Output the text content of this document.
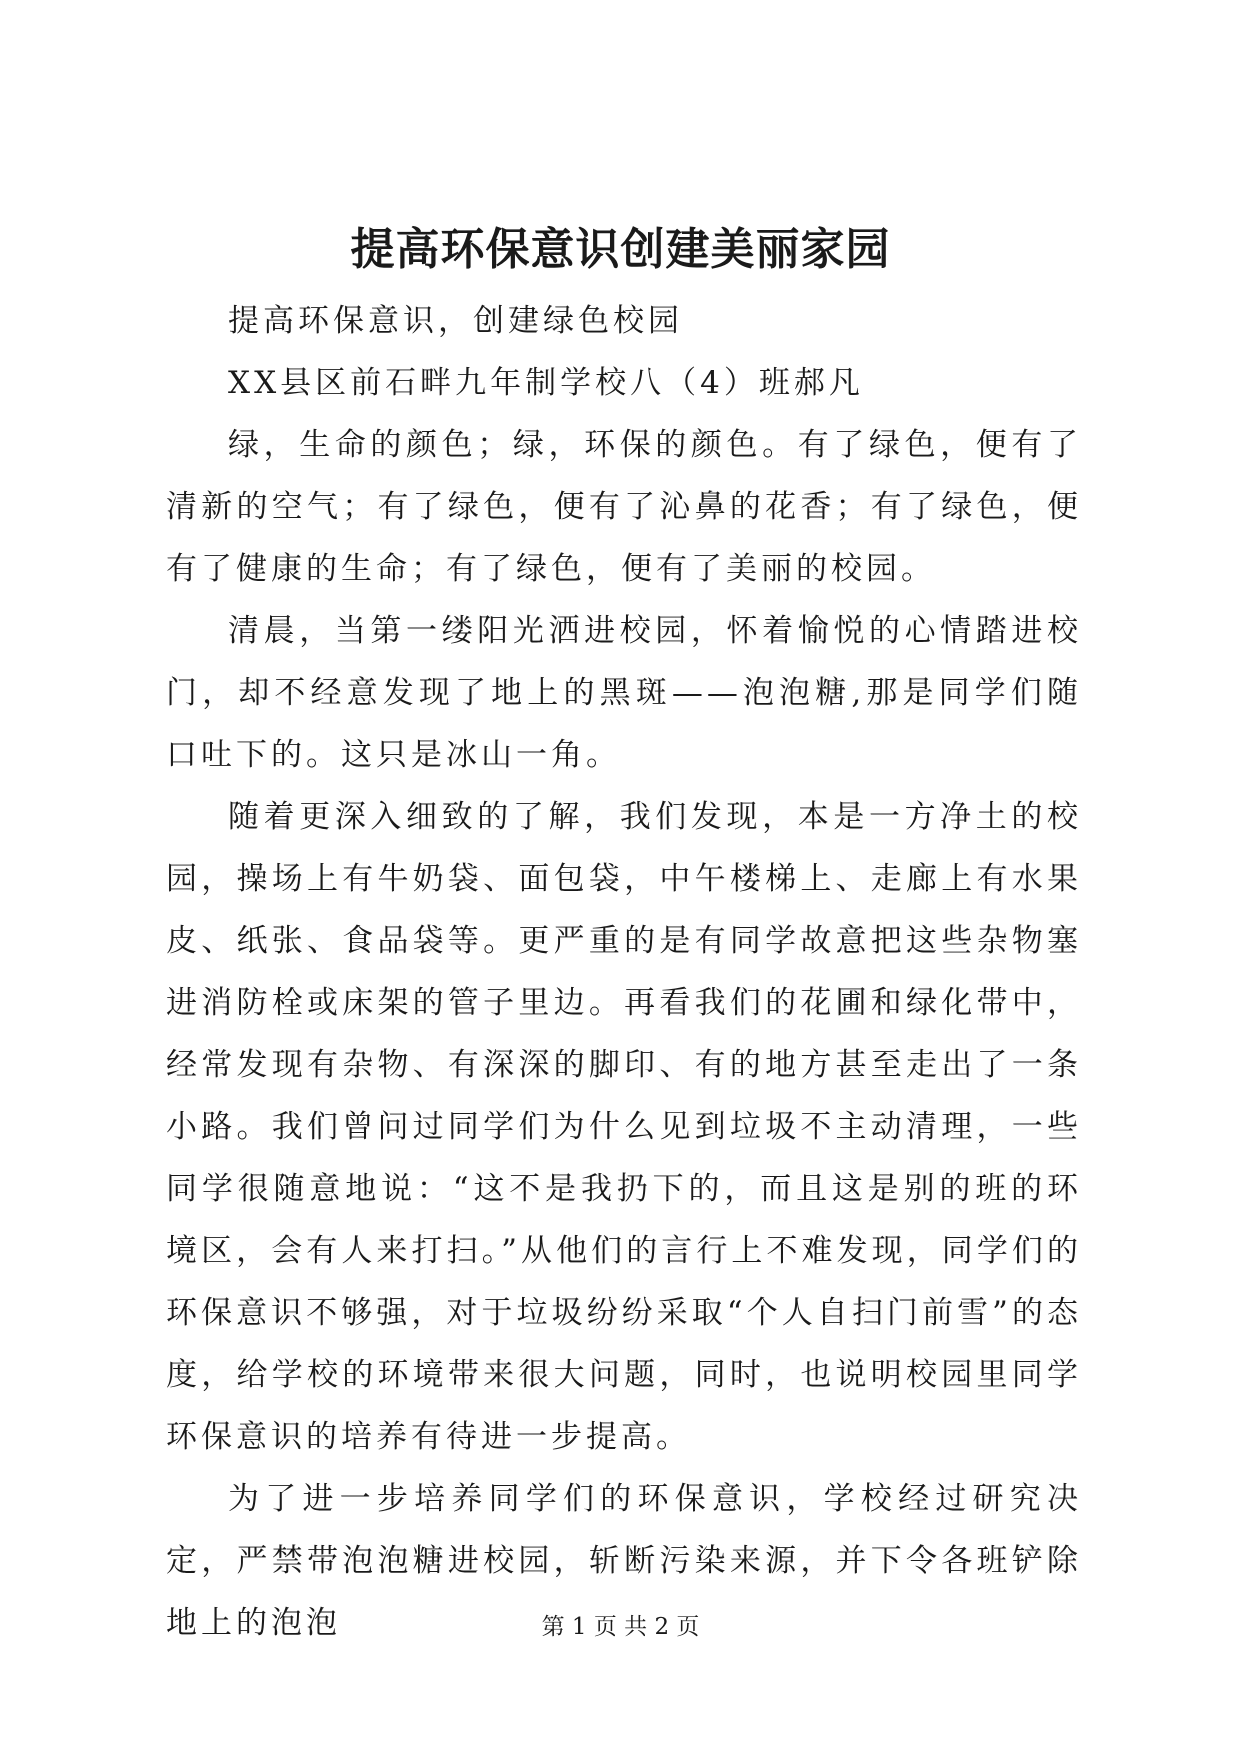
提高环保意识创建美丽家园

提高环保意识，创建绿色校园

XX县区前石畔九年制学校八（4）班郝凡

绿，生命的颜色；绿，环保的颜色。有了绿色，便有了清新的空气；有了绿色，便有了沁鼻的花香；有了绿色，便有了健康的生命；有了绿色，便有了美丽的校园。

清晨，当第一缕阳光洒进校园，怀着愉悦的心情踏进校门，却不经意发现了地上的黑斑——泡泡糖,那是同学们随口吐下的。这只是冰山一角。

随着更深入细致的了解，我们发现，本是一方净土的校园，操场上有牛奶袋、面包袋，中午楼梯上、走廊上有水果皮、纸张、食品袋等。更严重的是有同学故意把这些杂物塞进消防栓或床架的管子里边。再看我们的花圃和绿化带中，经常发现有杂物、有深深的脚印、有的地方甚至走出了一条小路。我们曾问过同学们为什么见到垃圾不主动清理，一些同学很随意地说：“这不是我扔下的，而且这是别的班的环境区，会有人来打扫。”从他们的言行上不难发现，同学们的环保意识不够强，对于垃圾纷纷采取“个人自扫门前雪”的态度，给学校的环境带来很大问题，同时，也说明校园里同学环保意识的培养有待进一步提高。

为了进一步培养同学们的环保意识，学校经过研究决定，严禁带泡泡糖进校园，斩断污染来源，并下令各班铲除地上的泡泡	第 1 页 共 2 页
